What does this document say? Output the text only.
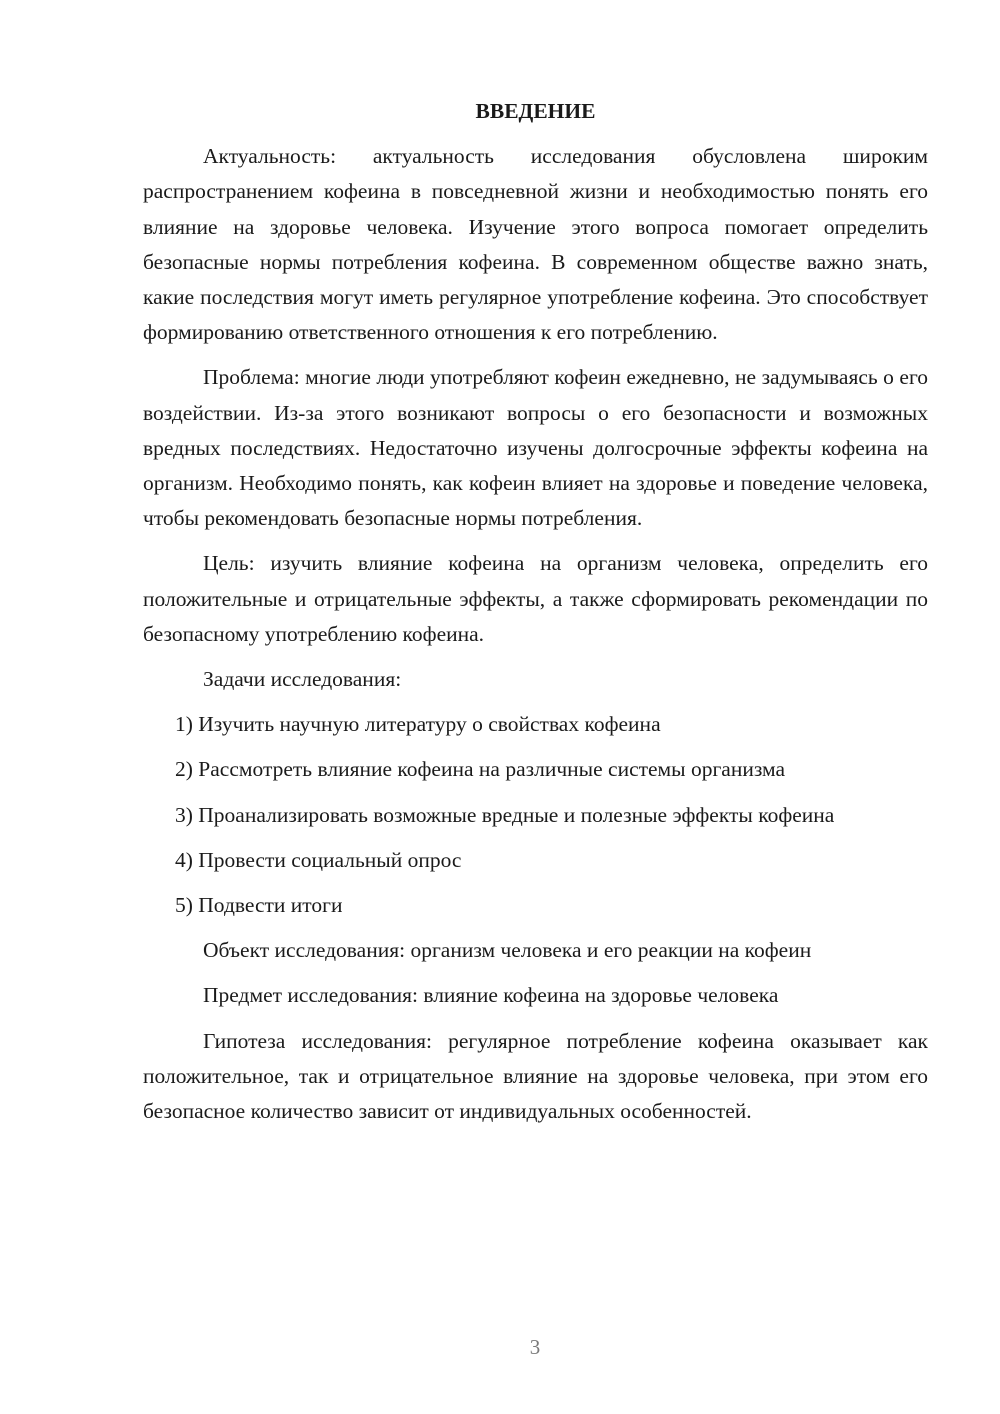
ВВЕДЕНИЕ

Актуальность: актуальность исследования обусловлена широким распространением кофеина в повседневной жизни и необходимостью понять его влияние на здоровье человека. Изучение этого вопроса помогает определить безопасные нормы потребления кофеина. В современном обществе важно знать, какие последствия могут иметь регулярное употребление кофеина. Это способствует формированию ответственного отношения к его потреблению.

Проблема: многие люди употребляют кофеин ежедневно, не задумываясь о его воздействии. Из-за этого возникают вопросы о его безопасности и возможных вредных последствиях. Недостаточно изучены долгосрочные эффекты кофеина на организм. Необходимо понять, как кофеин влияет на здоровье и поведение человека, чтобы рекомендовать безопасные нормы потребления.

Цель: изучить влияние кофеина на организм человека, определить его положительные и отрицательные эффекты, а также сформировать рекомендации по безопасному употреблению кофеина.

Задачи исследования:

1) Изучить научную литературу о свойствах кофеина

2) Рассмотреть влияние кофеина на различные системы организма

3) Проанализировать возможные вредные и полезные эффекты кофеина

4) Провести социальный опрос

5) Подвести итоги

Объект исследования: организм человека и его реакции на кофеин

Предмет исследования: влияние кофеина на здоровье человека

Гипотеза исследования: регулярное потребление кофеина оказывает как положительное, так и отрицательное влияние на здоровье человека, при этом его безопасное количество зависит от индивидуальных особенностей.

3
